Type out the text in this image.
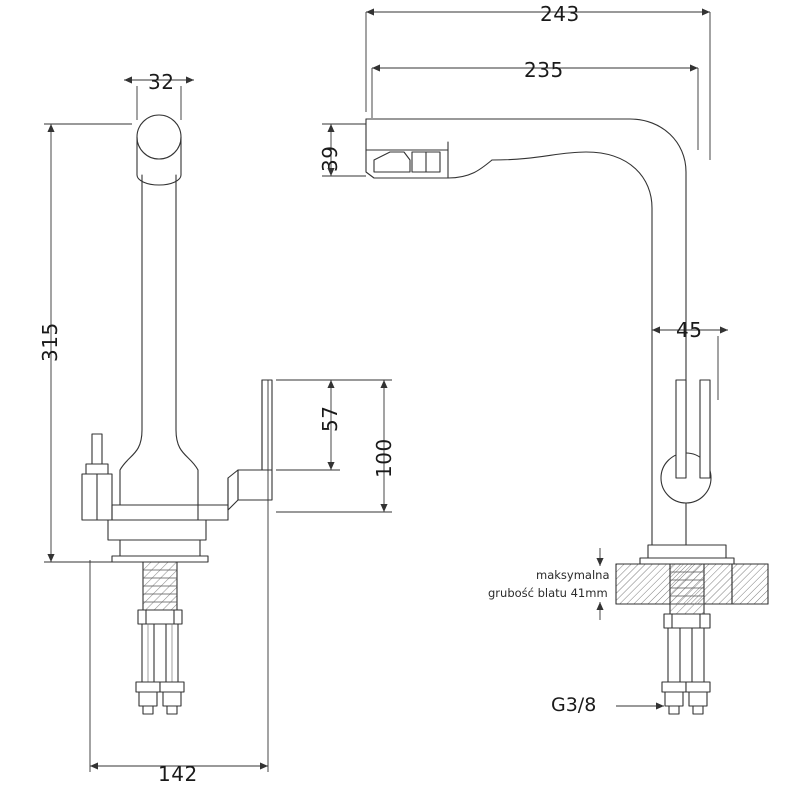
243
235
32
39
315
57
100
45
142
maksymalna
grubość blatu 41mm
G3/8
